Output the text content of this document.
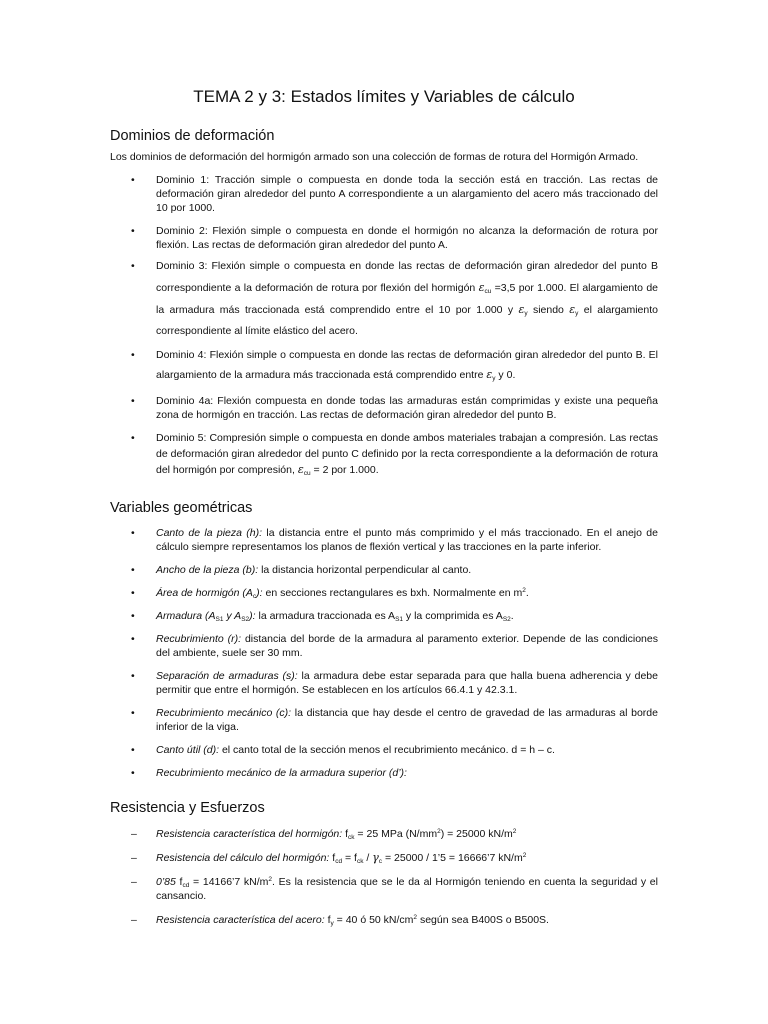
TEMA 2 y 3: Estados límites y Variables de cálculo
Dominios de deformación

Los dominios de deformación del hormigón armado son una colección de formas de rotura del Hormigón Armado.

• Dominio 1: Tracción simple o compuesta en donde toda la sección está en tracción. Las rectas de deformación giran alrededor del punto A correspondiente a un alargamiento del acero más traccionado del 10 por 1000.
• Dominio 2: Flexión simple o compuesta en donde el hormigón no alcanza la deformación de rotura por flexión. Las rectas de deformación giran alrededor del punto A.
• Dominio 3: Flexión simple o compuesta en donde las rectas de deformación giran alrededor del punto B correspondiente a la deformación de rotura por flexión del hormigón $\varepsilon_{cu} =3,5$ por 1.000. El alargamiento de la armadura más traccionada está comprendido entre el 10 por 1.000 y $\varepsilon_y$ siendo $\varepsilon_y$ el alargamiento correspondiente al límite elástico del acero.
• Dominio 4: Flexión simple o compuesta en donde las rectas de deformación giran alrededor del punto B. El alargamiento de la armadura más traccionada está comprendido entre $\varepsilon_y$ y 0.
• Dominio 4a: Flexión compuesta en donde todas las armaduras están comprimidas y existe una pequeña zona de hormigón en tracción. Las rectas de deformación giran alrededor del punto B.
• Dominio 5: Compresión simple o compuesta en donde ambos materiales trabajan a compresión. Las rectas de deformación giran alrededor del punto C definido por la recta correspondiente a la deformación de rotura del hormigón por compresión, $\varepsilon_{cu} = 2$ por 1.000.
Variables geométricas
• Canto de la pieza (h): la distancia entre el punto más comprimido y el más traccionado. En el anejo de cálculo siempre representamos los planos de flexión vertical y las tracciones en la parte inferior.
• Ancho de la pieza (b): la distancia horizontal perpendicular al canto.
• Área de hormigón $(A_c)$: en secciones rectangulares es bxh. Normalmente en $m^2$.
• Armadura ($A_{S1}$ y $A_{S2}$): la armadura traccionada es $A_{S1}$ y la comprimida es $A_{S2}$.
• Recubrimiento (r): distancia del borde de la armadura al paramento exterior. Depende de las condiciones del ambiente, suele ser 30 mm.
• Separación de armaduras (s): la armadura debe estar separada para que halla buena adherencia y debe permitir que entre el hormigón. Se establecen en los artículos 66.4.1 y 42.3.1.
• Recubrimiento mecánico (c): la distancia que hay desde el centro de gravedad de las armaduras al borde inferior de la viga.
• Canto útil (d): el canto total de la sección menos el recubrimiento mecánico. d = h – c.
• Recubrimiento mecánico de la armadura superior (d’):
Resistencia y Esfuerzos
– Resistencia característica del hormigón: $f_{ck} = 25$ MPa $(N/mm^2) = 25000$ $kN/m^2$
– Resistencia del cálculo del hormigón: $f_{cd} = f_{ck} / \gamma_c = 25000$ / 1’5 = 16666’7 $kN/m^2$
– 0’85 $f_{cd}$ = 14166’7 $kN/m^2$. Es la resistencia que se le da al Hormigón teniendo en cuenta la seguridad y el cansancio.
– Resistencia característica del acero: $f_y = 40$ ó 50 $kN/cm^2$ según sea B400S o B500S.
